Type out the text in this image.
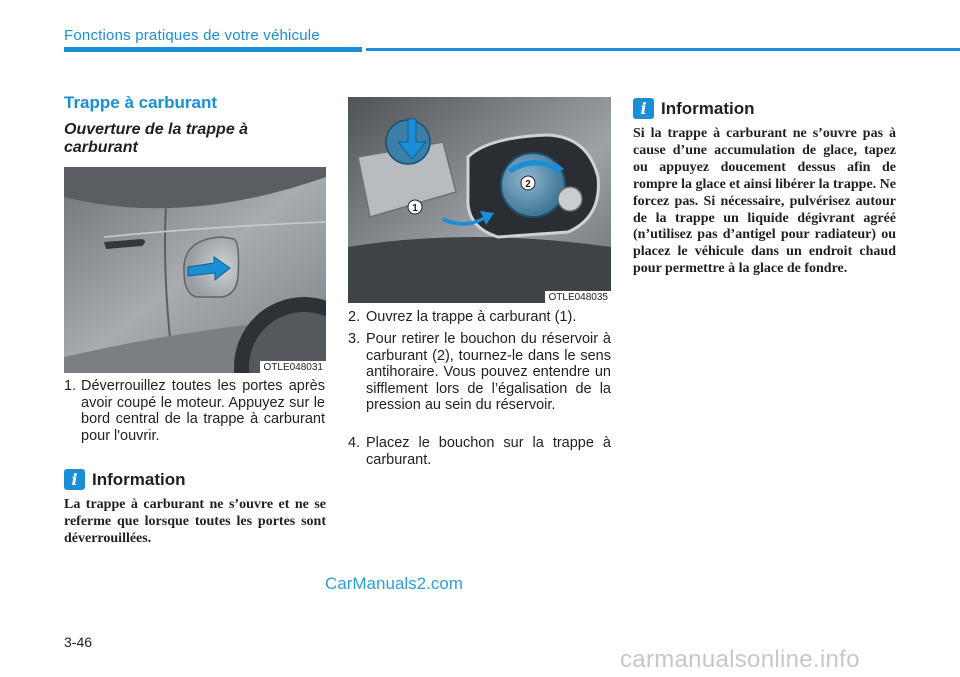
Fonctions pratiques de votre véhicule
Trappe à carburant
Ouverture de la trappe à carburant
OTLE048031
1
2
OTLE048035
1. Déverrouillez toutes les portes après avoir coupé le moteur. Appuyez sur le bord central de la trappe à carburant pour l'ouvrir.
2. Ouvrez la trappe à carburant (1).
3. Pour retirer le bouchon du réservoir à carburant (2), tournez-le dans le sens antihoraire. Vous pouvez entendre un sifflement lors de l’égalisation de la pression au sein du réservoir.
4. Placez le bouchon sur la trappe à carburant.
i Information
La trappe à carburant ne s’ouvre et ne se referme que lorsque toutes les portes sont déverrouillées.
i Information
Si la trappe à carburant ne s’ouvre pas à cause d’une accumulation de glace, tapez ou appuyez doucement dessus afin de rompre la glace et ainsi libérer la trappe. Ne forcez pas. Si nécessaire, pulvérisez autour de la trappe un liquide dégivrant agréé (n’utilisez pas d’antigel pour radiateur) ou placez le véhicule dans un endroit chaud pour permettre à la glace de fondre.
3-46
CarManuals2.com
carmanualsonline.info
